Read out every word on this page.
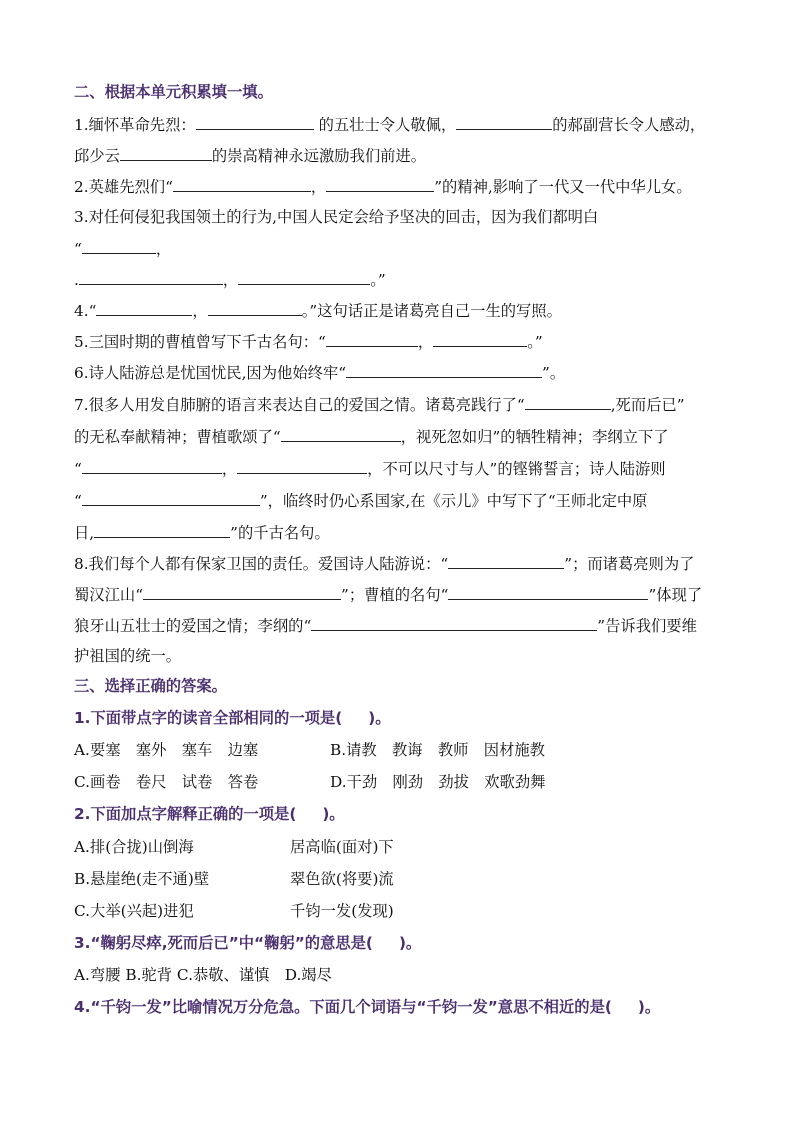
二、根据本单元积累填一填。
1.缅怀革命先烈：	的五壮士令人敬佩，	的郝副营长令人感动，
邱少云	的崇高精神永远激励我们前进。
2.英雄先烈们“	，	”的精神,影响了一代又一代中华儿女。
3.对任何侵犯我国领土的行为,中国人民定会给予坚决的回击，因为我们都明白
“	，
.	，	。”
4.“	，	。”这句话正是诸葛亮自己一生的写照。
5.三国时期的曹植曾写下千古名句：“	，	。”
6.诗人陆游总是忧国忧民,因为他始终牢“	”。
7.很多人用发自肺腑的语言来表达自己的爱国之情。诸葛亮践行了“	,死而后已”
的无私奉献精神；曹植歌颂了“	，视死忽如归”的牺牲精神；李纲立下了
“	，	，不可以尺寸与人”的铿锵誓言；诗人陆游则
“	”，临终时仍心系国家,在《示儿》中写下了“王师北定中原
日,	”的千古名句。
8.我们每个人都有保家卫国的责任。爱国诗人陆游说：“	”；而诸葛亮则为了
蜀汉江山“	”；曹植的名句“	”体现了
狼牙山五壮士的爱国之情；李纲的“	”告诉我们要维
护祖国的统一。
三、选择正确的答案。
1.下面带点字的读音全部相同的一项是( )。
A.要塞　塞外　塞车　边塞	B.请教　教诲　教师　因材施教
C.画卷　卷尺　试卷　答卷	D.干劲　刚劲　劲拔　欢歌劲舞
2.下面加点字解释正确的一项是( )。
A.排(合拢)山倒海	居高临(面对)下
B.悬崖绝(走不通)壁	翠色欲(将要)流
C.大举(兴起)进犯	千钧一发(发现)
3.“鞠躬尽瘁,死而后已”中“鞠躬”的意思是( )。
A.弯腰 B.驼背 C.恭敬、谨慎　D.竭尽
4.“千钧一发”比喻情况万分危急。下面几个词语与“千钧一发”意思不相近的是( )。
